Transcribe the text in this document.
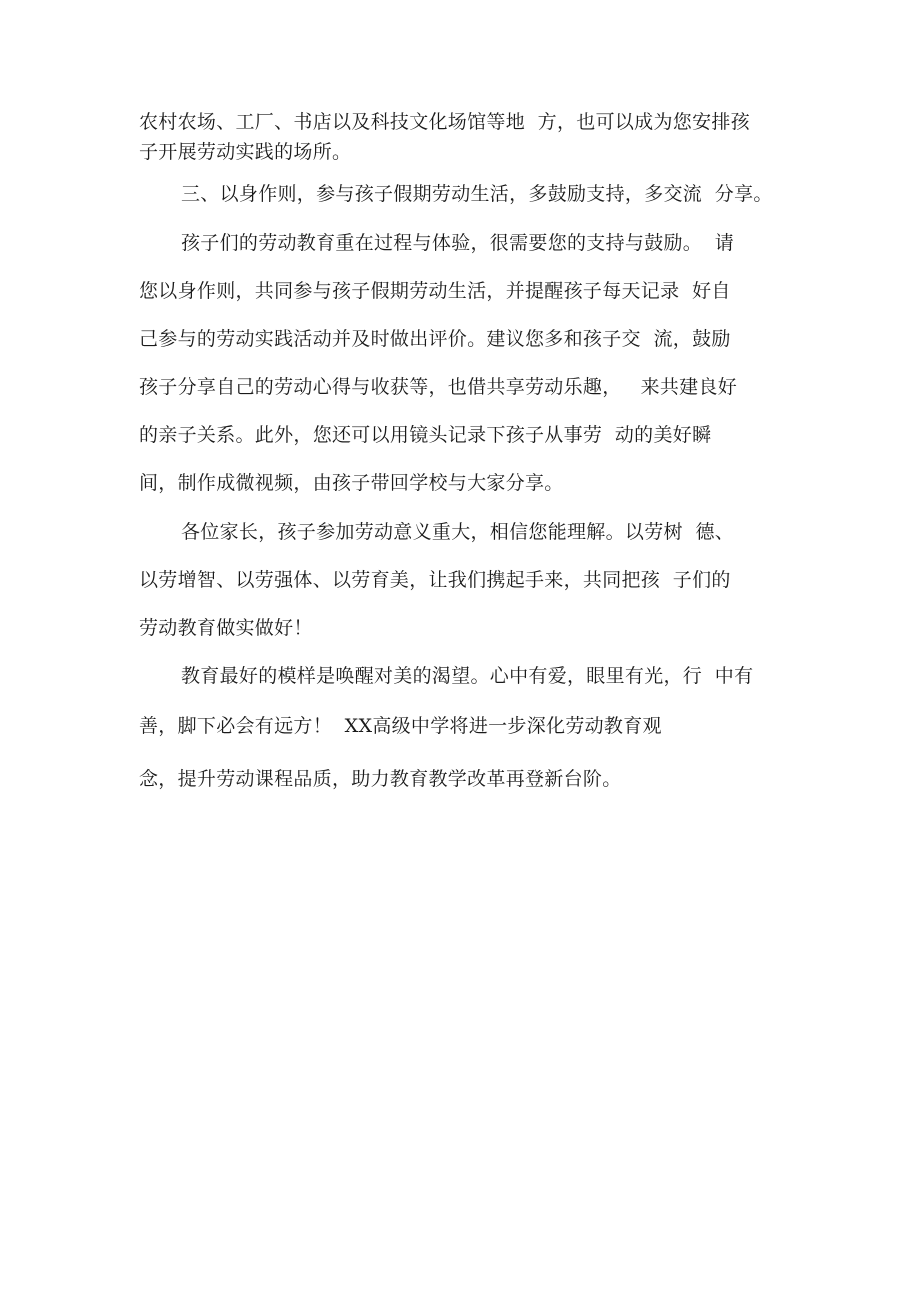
农村农场、工厂、书店以及科技文化场馆等地  方，也可以成为您安排孩
子开展劳动实践的场所。
三、以身作则，参与孩子假期劳动生活，多鼓励支持，多交流  分享。
孩子们的劳动教育重在过程与体验，很需要您的支持与鼓励。  请
您以身作则，共同参与孩子假期劳动生活，并提醒孩子每天记录  好自
己参与的劳动实践活动并及时做出评价。建议您多和孩子交  流，鼓励
孩子分享自己的劳动心得与收获等，也借共享劳动乐趣，   来共建良好
的亲子关系。此外，您还可以用镜头记录下孩子从事劳  动的美好瞬
间，制作成微视频，由孩子带回学校与大家分享。
各位家长，孩子参加劳动意义重大，相信您能理解。以劳树  德、
以劳增智、以劳强体、以劳育美，让我们携起手来，共同把孩  子们的
劳动教育做实做好！
教育最好的模样是唤醒对美的渴望。心中有爱，眼里有光，行  中有
善，脚下必会有远方！  XX高级中学将进一步深化劳动教育观
念，提升劳动课程品质，助力教育教学改革再登新台阶。
